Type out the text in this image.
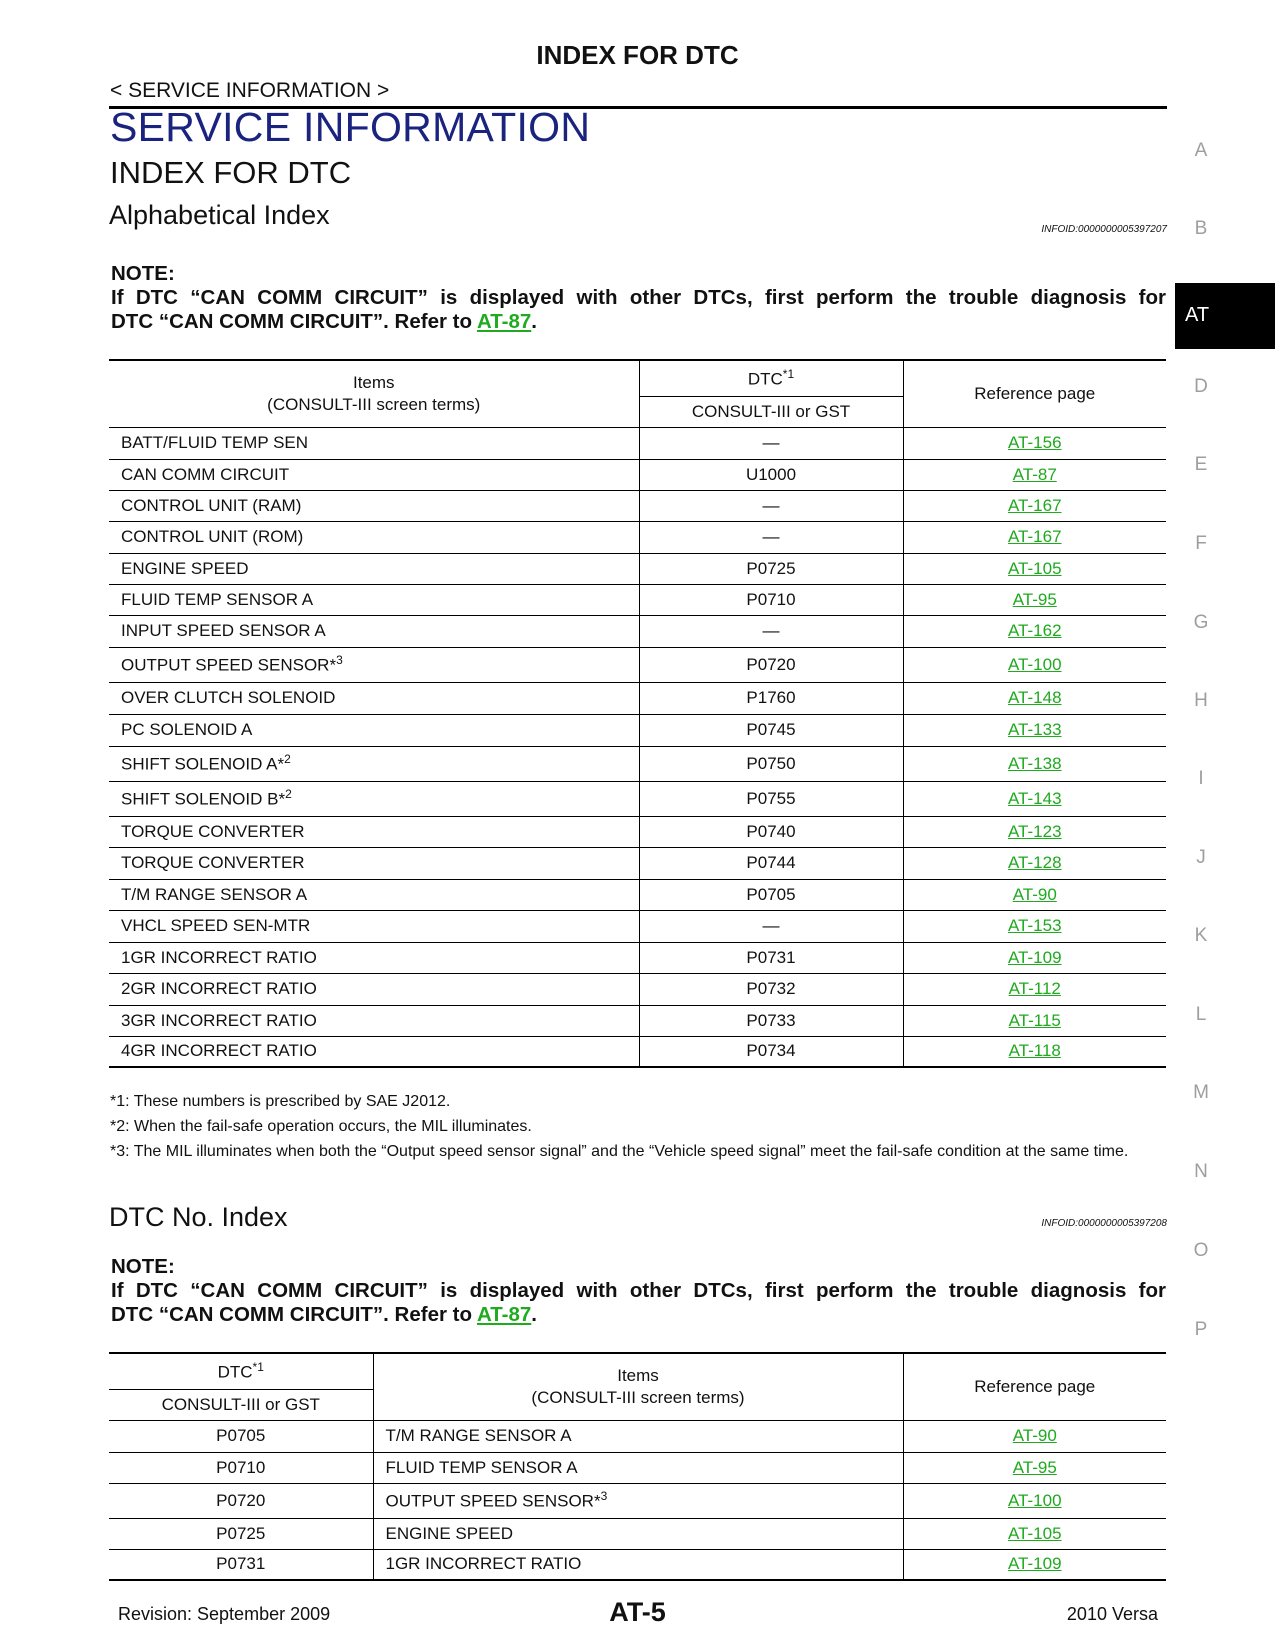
INDEX FOR DTC
< SERVICE INFORMATION >
SERVICE INFORMATION
INDEX FOR DTC
A
B
D
E
F
G
H
I
J
K
L
M
N
O
P
AT
Alphabetical Index	INFOID:0000000005397207
NOTE:
If DTC “CAN COMM CIRCUIT” is displayed with other DTCs, first perform the trouble diagnosis for
DTC “CAN COMM CIRCUIT”. Refer to AT-87.
Items
(CONSULT-III screen terms)	DTC$^{*1}$	Reference page
	CONSULT-III or GST	
BATT/FLUID TEMP SEN	—	AT-156
CAN COMM CIRCUIT	U1000	AT-87
CONTROL UNIT (RAM)	—	AT-167
CONTROL UNIT (ROM)	—	AT-167
ENGINE SPEED	P0725	AT-105
FLUID TEMP SENSOR A	P0710	AT-95
INPUT SPEED SENSOR A	—	AT-162
OUTPUT SPEED SENSOR*$^3$	P0720	AT-100
OVER CLUTCH SOLENOID	P1760	AT-148
PC SOLENOID A	P0745	AT-133
SHIFT SOLENOID A*$^2$	P0750	AT-138
SHIFT SOLENOID B*$^2$	P0755	AT-143
TORQUE CONVERTER	P0740	AT-123
TORQUE CONVERTER	P0744	AT-128
T/M RANGE SENSOR A	P0705	AT-90
VHCL SPEED SEN-MTR	—	AT-153
1GR INCORRECT RATIO	P0731	AT-109
2GR INCORRECT RATIO	P0732	AT-112
3GR INCORRECT RATIO	P0733	AT-115
4GR INCORRECT RATIO	P0734	AT-118
*1: These numbers is prescribed by SAE J2012.
*2: When the fail-safe operation occurs, the MIL illuminates.
*3: The MIL illuminates when both the “Output speed sensor signal” and the “Vehicle speed signal” meet the fail-safe condition at the same time.
DTC No. Index	INFOID:0000000005397208
NOTE:
If DTC “CAN COMM CIRCUIT” is displayed with other DTCs, first perform the trouble diagnosis for
DTC “CAN COMM CIRCUIT”. Refer to AT-87.
DTC$^{*1}$	Items
(CONSULT-III screen terms)	Reference page
CONSULT-III or GST		
P0705	T/M RANGE SENSOR A	AT-90
P0710	FLUID TEMP SENSOR A	AT-95
P0720	OUTPUT SPEED SENSOR*$^3$	AT-100
P0725	ENGINE SPEED	AT-105
P0731	1GR INCORRECT RATIO	AT-109
Revision: September 2009	AT-5	2010 Versa
